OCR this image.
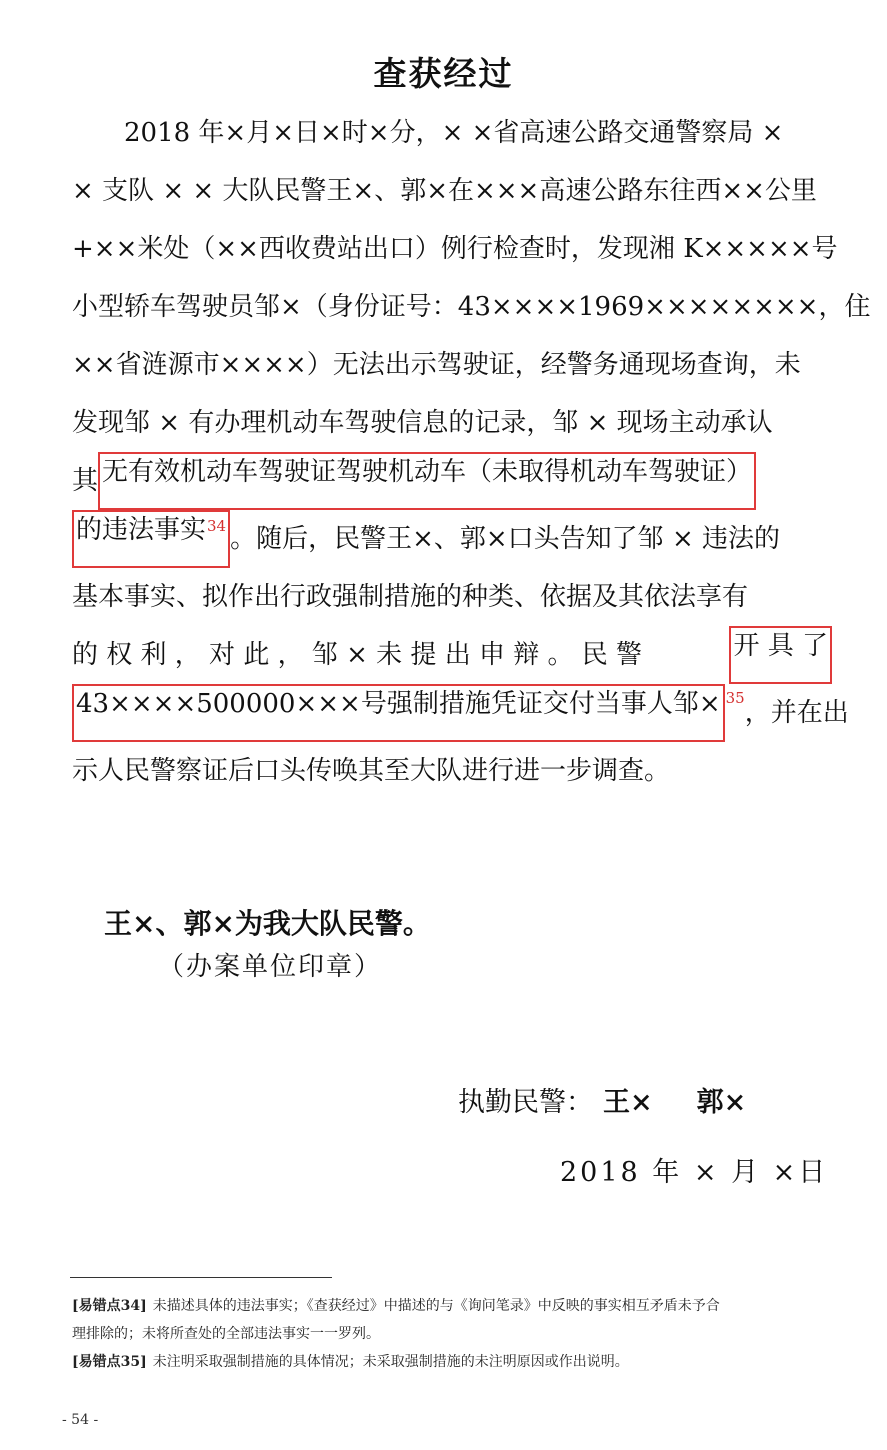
查获经过
2018 年×月×日×时×分，× ×省高速公路交通警察局 ×
× 支队 × × 大队民警王×、郭×在×××高速公路东往西××公里
+××米处（××西收费站出口）例行检查时，发现湘 K×××××号
小型轿车驾驶员邹×（身份证号：43××××1969××××××××，住
××省涟源市××××）无法出示驾驶证，经警务通现场查询，未
发现邹 × 有办理机动车驾驶信息的记录，邹 × 现场主动承认
其 无有效机动车驾驶证驾驶机动车（未取得机动车驾驶证）
的违法事实$^{34}$ 。随后，民警王×、郭×口头告知了邹 × 违法的
基本事实、拟作出行政强制措施的种类、依据及其依法享有
的 权 利 ， 对 此 ， 邹 × 未 提 出 申 辩 。 民 警	开 具 了
43××××500000×××号强制措施凭证交付当事人邹× $^{35}$ ，并在出
示人民警察证后口头传唤其至大队进行进一步调查。
王×、郭×为我大队民警。
（办案单位印章）
执勤民警： 王× 郭×
2018 年 × 月 ×日
[易错点34] 未描述具体的违法事实；《查获经过》中描述的与《询问笔录》中反映的事实相互矛盾未予合
理排除的；未将所查处的全部违法事实一一罗列。
[易错点35] 未注明采取强制措施的具体情况；未采取强制措施的未注明原因或作出说明。
- 54 -
